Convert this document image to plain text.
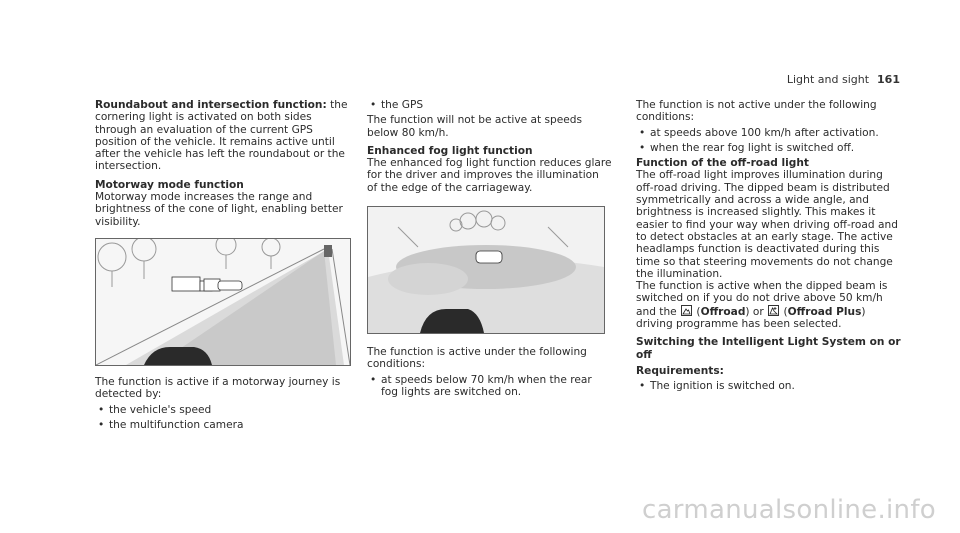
Light and sight 161

Roundabout and intersection function: the cornering light is activated on both sides through an evaluation of the current GPS position of the vehicle. It remains active until after the vehicle has left the roundabout or the intersection.

Motorway mode function

Motorway mode increases the range and brightness of the cone of light, enabling better visibility.

The function is active if a motorway journey is detected by:

• the vehicle's speed
• the multifunction camera
• the GPS

The function will not be active at speeds below 80 km/h.

Enhanced fog light function

The enhanced fog light function reduces glare for the driver and improves the illumination of the edge of the carriageway.

The function is active under the following conditions:

• at speeds below 70 km/h when the rear fog lights are switched on.

The function is not active under the following conditions:

• at speeds above 100 km/h after activation.
• when the rear fog light is switched off.

Function of the off-road light

The off-road light improves illumination during off-road driving. The dipped beam is distributed symmetrically and across a wide angle, and brightness is increased slightly. This makes it easier to find your way when driving off-road and to detect obstacles at an early stage. The active headlamps function is deactivated during this time so that steering movements do not change the illumination.

The function is active when the dipped beam is switched on if you do not drive above 50 km/h and the
(Offroad) or
(Offroad Plus) driving programme has been selected.

Switching the Intelligent Light System on or off

Requirements:

• The ignition is switched on.
carmanualsonline.info
